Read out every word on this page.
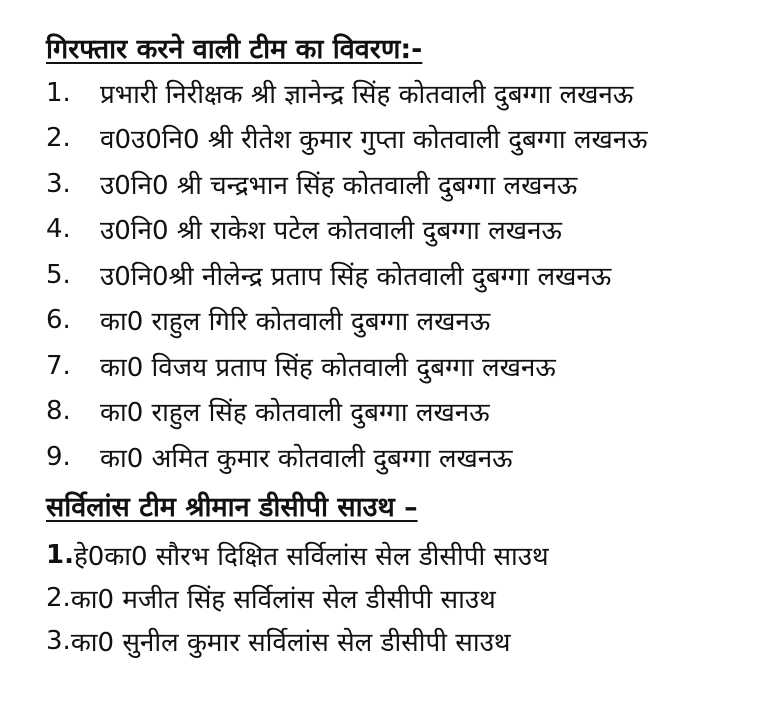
गिरफ्तार करने वाली टीम का विवरण:-
1.	प्रभारी निरीक्षक श्री ज्ञानेन्द्र सिंह कोतवाली दुबग्गा लखनऊ
2.	व0उ0नि0 श्री रीतेश कुमार गुप्ता कोतवाली दुबग्गा लखनऊ
3.	उ0नि0 श्री चन्द्रभान सिंह कोतवाली दुबग्गा लखनऊ
4.	उ0नि0 श्री राकेश पटेल कोतवाली दुबग्गा लखनऊ
5.	उ0नि0श्री नीलेन्द्र प्रताप सिंह कोतवाली दुबग्गा लखनऊ
6.	का0 राहुल गिरि कोतवाली दुबग्गा लखनऊ
7.	का0 विजय प्रताप सिंह कोतवाली दुबग्गा लखनऊ
8.	का0 राहुल सिंह कोतवाली दुबग्गा लखनऊ
9.	का0 अमित कुमार कोतवाली दुबग्गा लखनऊ
सर्विलांस टीम श्रीमान डीसीपी साउथ –
1. हे0का0 सौरभ दिक्षित सर्विलांस सेल डीसीपी साउथ
2. का0 मजीत सिंह सर्विलांस सेल डीसीपी साउथ
3. का0 सुनील कुमार सर्विलांस सेल डीसीपी साउथ
